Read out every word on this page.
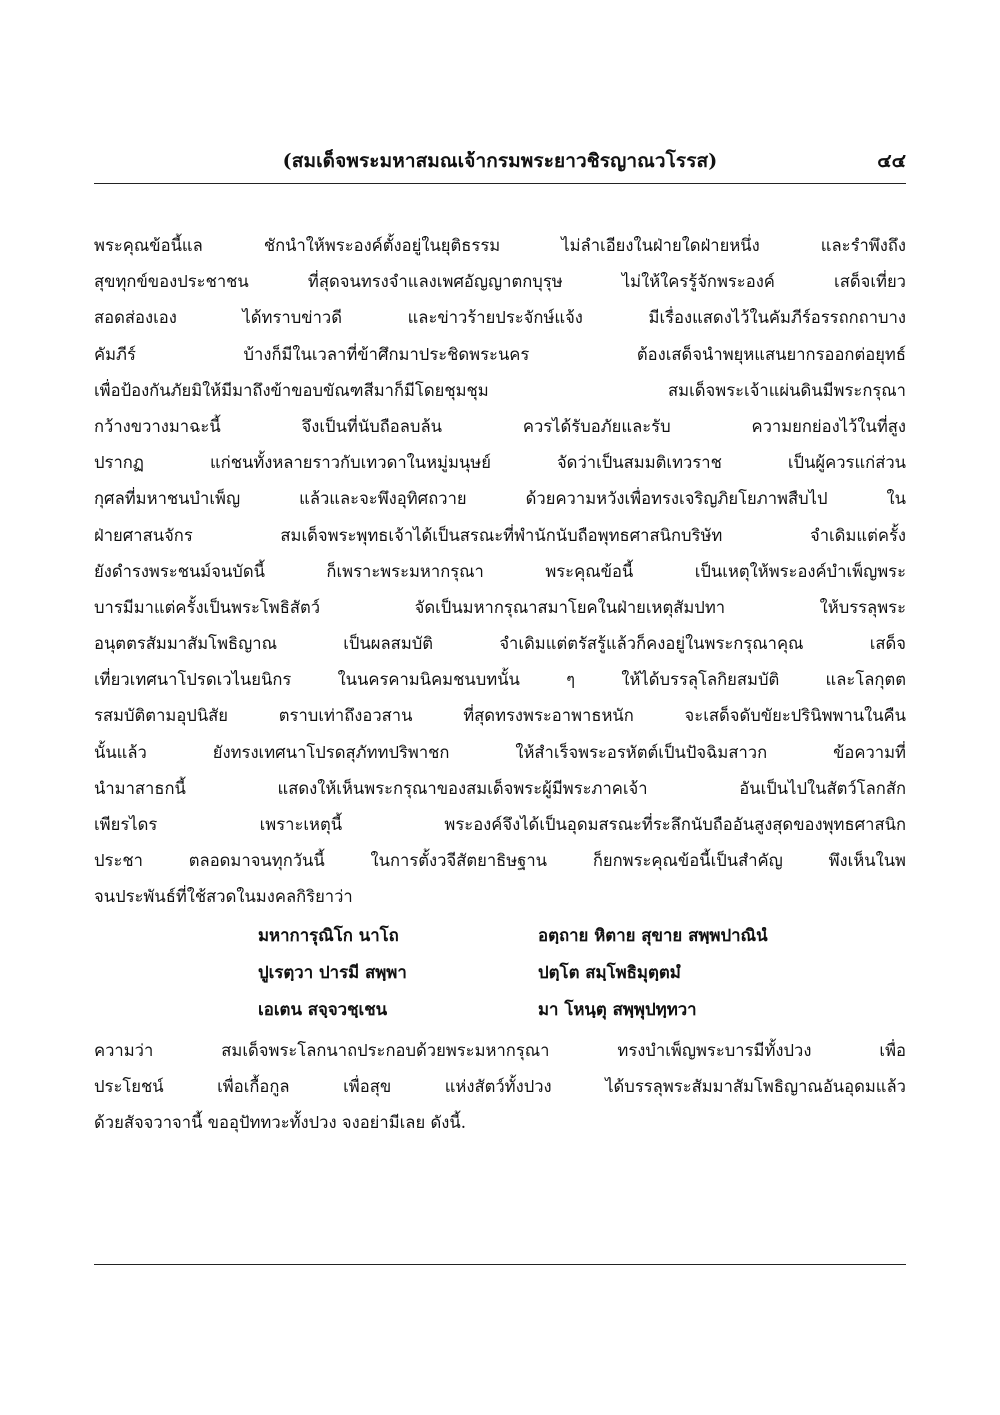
(สมเด็จพระมหาสมณเจ้ากรมพระยาวชิรญาณวโรรส)	๔๔
พระคุณข้อนี้แล ชักนำให้พระองค์ตั้งอยู่ในยุติธรรม ไม่ลำเอียงในฝ่ายใดฝ่ายหนึ่ง และรำพึงถึง
สุขทุกข์ของประชาชน ที่สุดจนทรงจำแลงเพศอัญญาตกบุรุษ ไม่ให้ใครรู้จักพระองค์ เสด็จเที่ยว
สอดส่องเอง ได้ทราบข่าวดี และข่าวร้ายประจักษ์แจ้ง มีเรื่องแสดงไว้ในคัมภีร์อรรถกถาบาง
คัมภีร์ บ้างก็มีในเวลาที่ข้าศึกมาประชิดพระนคร ต้องเสด็จนำพยุหแสนยากรออกต่อยุทธ์
เพื่อป้องกันภัยมิให้มีมาถึงข้าขอบขัณฑสีมาก็มีโดยชุมชุม สมเด็จพระเจ้าแผ่นดินมีพระกรุณา
กว้างขวางมาฉะนี้ จึงเป็นที่นับถือลบล้น ควรได้รับอภัยและรับ ความยกย่องไว้ในที่สูง
ปรากฏ แก่ชนทั้งหลายราวกับเทวดาในหมู่มนุษย์ จัดว่าเป็นสมมติเทวราช เป็นผู้ควรแก่ส่วน
กุศลที่มหาชนบำเพ็ญ แล้วและจะพึงอุทิศถวาย ด้วยความหวังเพื่อทรงเจริญภิยโยภาพสืบไป ใน
ฝ่ายศาสนจักร สมเด็จพระพุทธเจ้าได้เป็นสรณะที่พำนักนับถือพุทธศาสนิกบริษัท จำเดิมแต่ครั้ง
ยังดำรงพระชนม์จนบัดนี้ ก็เพราะพระมหากรุณา พระคุณข้อนี้ เป็นเหตุให้พระองค์บำเพ็ญพระ
บารมีมาแต่ครั้งเป็นพระโพธิสัตว์ จัดเป็นมหากรุณาสมาโยคในฝ่ายเหตุสัมปทา ให้บรรลุพระ
อนุตตรสัมมาสัมโพธิญาณ เป็นผลสมบัติ จำเดิมแต่ตรัสรู้แล้วก็คงอยู่ในพระกรุณาคุณ เสด็จ
เที่ยวเทศนาโปรดเวไนยนิกร ในนครคามนิคมชนบทนั้น ๆ ให้ได้บรรลุโลกิยสมบัติ และโลกุตต
รสมบัติตามอุปนิสัย ตราบเท่าถึงอวสาน ที่สุดทรงพระอาพาธหนัก จะเสด็จดับขัยะปรินิพพานในคืน
นั้นแล้ว ยังทรงเทศนาโปรดสุภัททปริพาชก ให้สำเร็จพระอรหัตต์เป็นปัจฉิมสาวก ข้อความที่
นำมาสาธกนี้ แสดงให้เห็นพระกรุณาของสมเด็จพระผู้มีพระภาคเจ้า อันเป็นไปในสัตว์โลกสัก
เพียรไดร เพราะเหตุนี้ พระองค์จึงได้เป็นอุดมสรณะที่ระลึกนับถืออันสูงสุดของพุทธศาสนิก
ประชา ตลอดมาจนทุกวันนี้ ในการตั้งวจีสัตยาธิษฐาน ก็ยกพระคุณข้อนี้เป็นสำคัญ พึงเห็นในพ
จนประพันธ์ที่ใช้สวดในมงคลกิริยาว่า
มหาการุณิโก นาโถ	อตฺถาย หิตาย สุขาย สพฺพปาณินํ
ปูเรตฺวา ปารมี สพฺพา	ปตฺโต สมฺโพธิมุตฺตมํ
เอเตน สจฺจวชฺเชน	มา โหนฺตุ สพฺพุปทฺทวา
ความว่า สมเด็จพระโลกนาถประกอบด้วยพระมหากรุณา ทรงบำเพ็ญพระบารมีทั้งปวง เพื่อ
ประโยชน์ เพื่อเกื้อกูล เพื่อสุข แห่งสัตว์ทั้งปวง ได้บรรลุพระสัมมาสัมโพธิญาณอันอุดมแล้ว
ด้วยสัจจวาจานี้ ขออุปัททวะทั้งปวง จงอย่ามีเลย ดังนี้.
